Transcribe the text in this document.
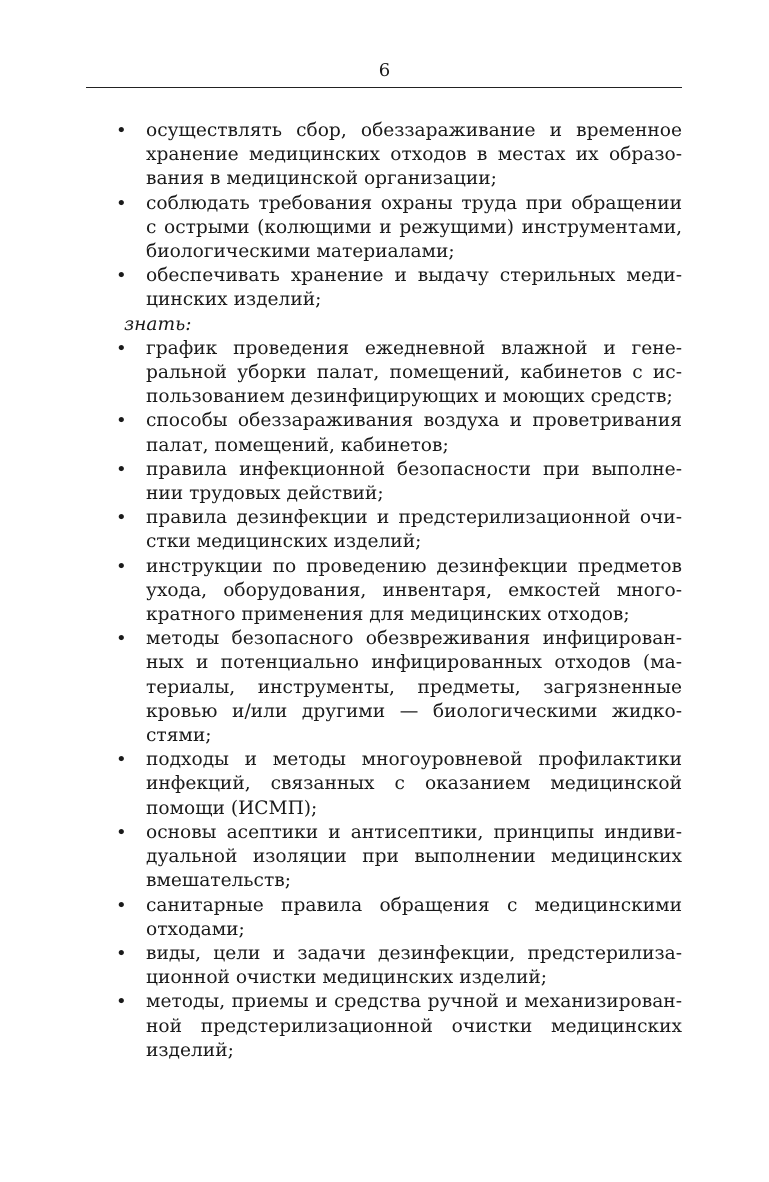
6
• осуществлять сбор, обеззараживание и временное хранение медицинских отходов в местах их образования в медицинской организации;
• соблюдать требования охраны труда при обращении с острыми (колющими и режущими) инструментами, биологическими материалами;
• обеспечивать хранение и выдачу стерильных медицинских изделий;
знать:
• график проведения ежедневной влажной и генеральной уборки палат, помещений, кабинетов с использованием дезинфицирующих и моющих средств;
• способы обеззараживания воздуха и проветривания палат, помещений, кабинетов;
• правила инфекционной безопасности при выполнении трудовых действий;
• правила дезинфекции и предстерилизационной очистки медицинских изделий;
• инструкции по проведению дезинфекции предметов ухода, оборудования, инвентаря, емкостей многократного применения для медицинских отходов;
• методы безопасного обезвреживания инфицированных и потенциально инфицированных отходов (материалы, инструменты, предметы, загрязненные кровью и/или другими — биологическими жидкостями;
• подходы и методы многоуровневой профилактики инфекций, связанных с оказанием медицинской помощи (ИСМП);
• основы асептики и антисептики, принципы индивидуальной изоляции при выполнении медицинских вмешательств;
• санитарные правила обращения с медицинскими отходами;
• виды, цели и задачи дезинфекции, предстерилизационной очистки медицинских изделий;
• методы, приемы и средства ручной и механизированной предстерилизационной очистки медицинских изделий;
